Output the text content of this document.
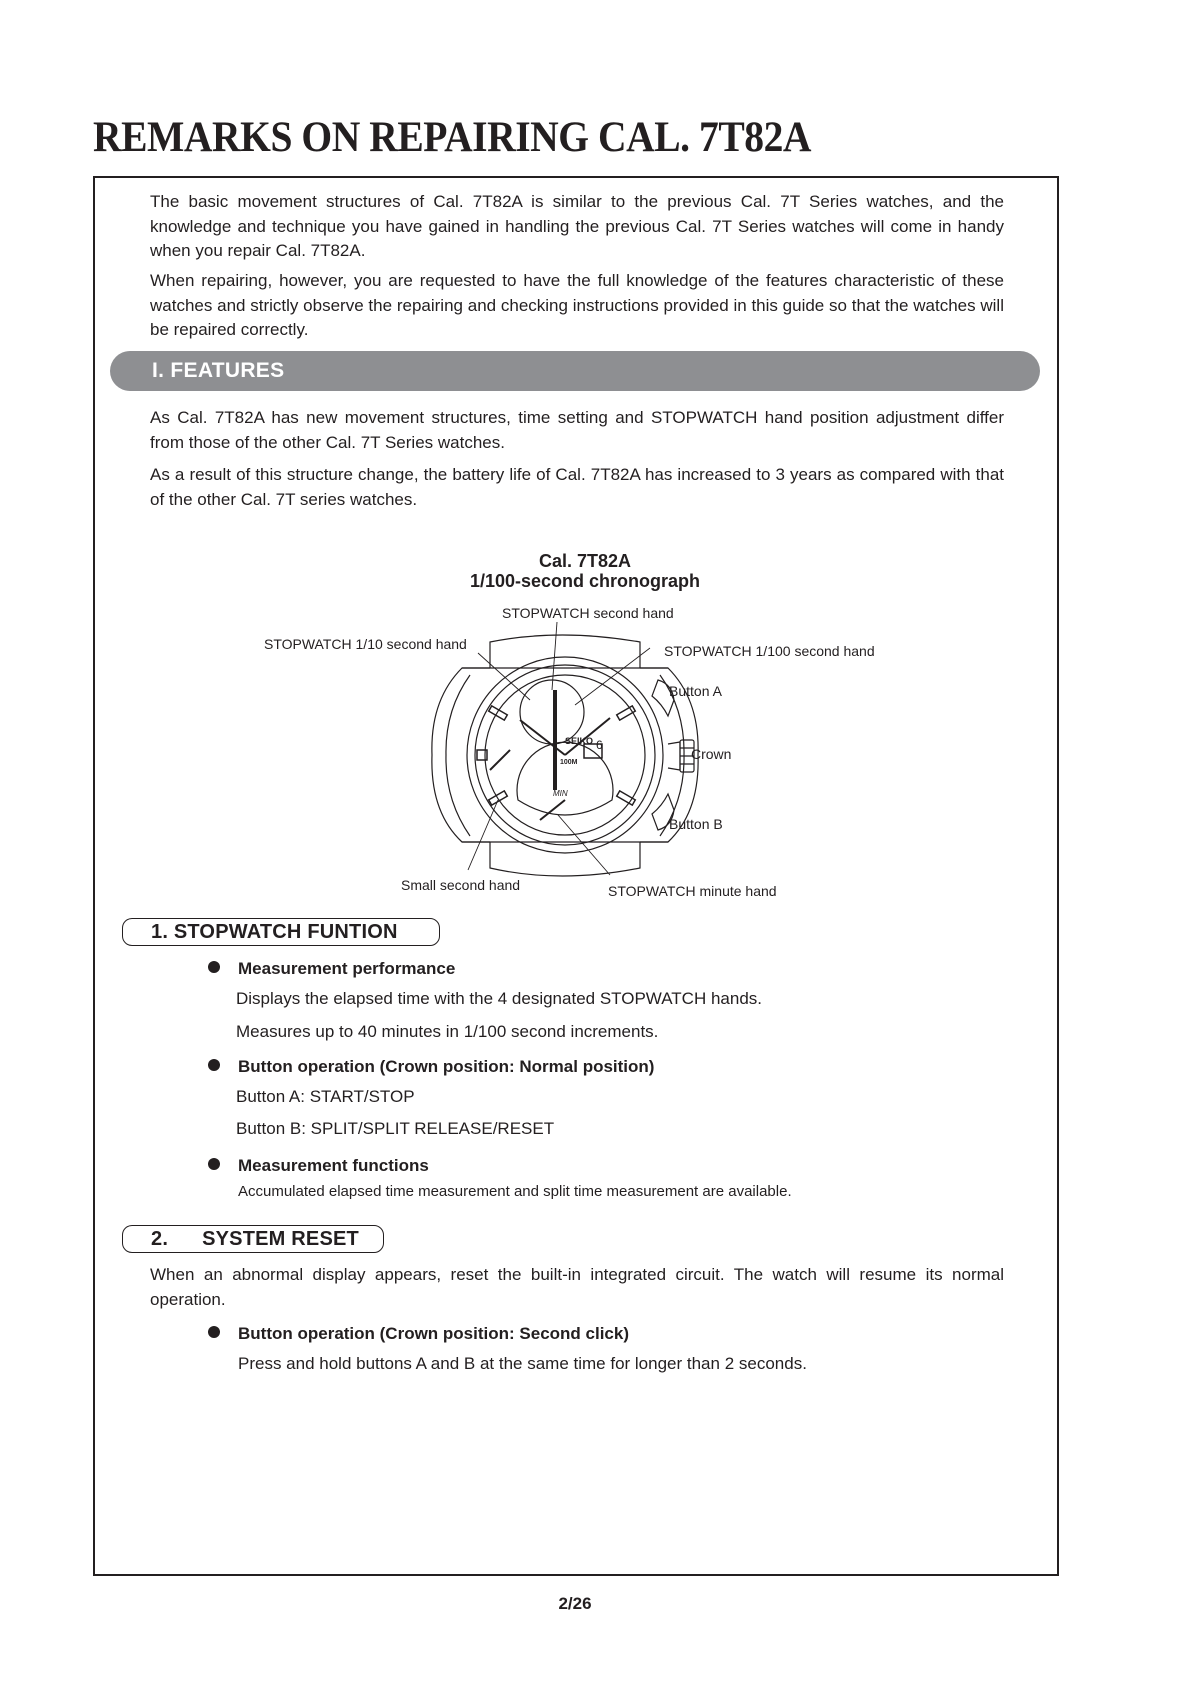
REMARKS ON REPAIRING CAL. 7T82A

The basic movement structures of Cal. 7T82A is similar to the previous Cal. 7T Series watches, and the knowledge and technique you have gained in handling the previous Cal. 7T Series watches will come in handy when you repair Cal. 7T82A.

When repairing, however, you are requested to have the full knowledge of the features characteristic of these watches and strictly observe the repairing and checking instructions provided in this guide so that the watches will be repaired correctly.

I. FEATURES

As Cal. 7T82A has new movement structures, time setting and STOPWATCH hand position adjustment differ from those of the other Cal. 7T Series watches.

As a result of this structure change, the battery life of Cal. 7T82A has increased to 3 years as compared with that of the other Cal. 7T series watches.

Cal. 7T82A
1/100-second chronograph
6
SEIKO
100M
MIN
STOPWATCH second hand
STOPWATCH 1/10 second hand	STOPWATCH 1/100 second hand
Button A
Crown
Button B
Small second hand	STOPWATCH minute hand
1. STOPWATCH FUNTION
Measurement performance
Displays the elapsed time with the 4 designated STOPWATCH hands.
Measures up to 40 minutes in 1/100 second increments.
Button operation (Crown position: Normal position)
Button A: START/STOP
Button B: SPLIT/SPLIT RELEASE/RESET
Measurement functions
Accumulated elapsed time measurement and split time measurement are available.
2. SYSTEM RESET

When an abnormal display appears, reset the built-in integrated circuit. The watch will resume its normal operation.

Button operation (Crown position: Second click)
Press and hold buttons A and B at the same time for longer than 2 seconds.
2/26
